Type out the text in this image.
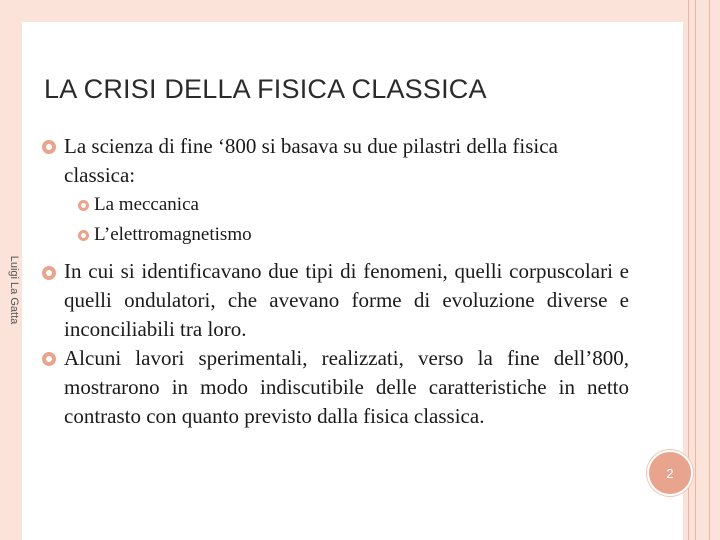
LA CRISI DELLA FISICA CLASSICA
Luigi La Gatta
La scienza di fine ‘800 si basava su due pilastri della fisica classica:
La meccanica
L’elettromagnetismo
In cui si identificavano due tipi di fenomeni, quelli corpuscolari e quelli ondulatori, che avevano forme di evoluzione diverse e inconciliabili tra loro.
Alcuni lavori sperimentali, realizzati, verso la fine dell’800, mostrarono in modo indiscutibile delle caratteristiche in netto contrasto con quanto previsto dalla fisica classica.
2
